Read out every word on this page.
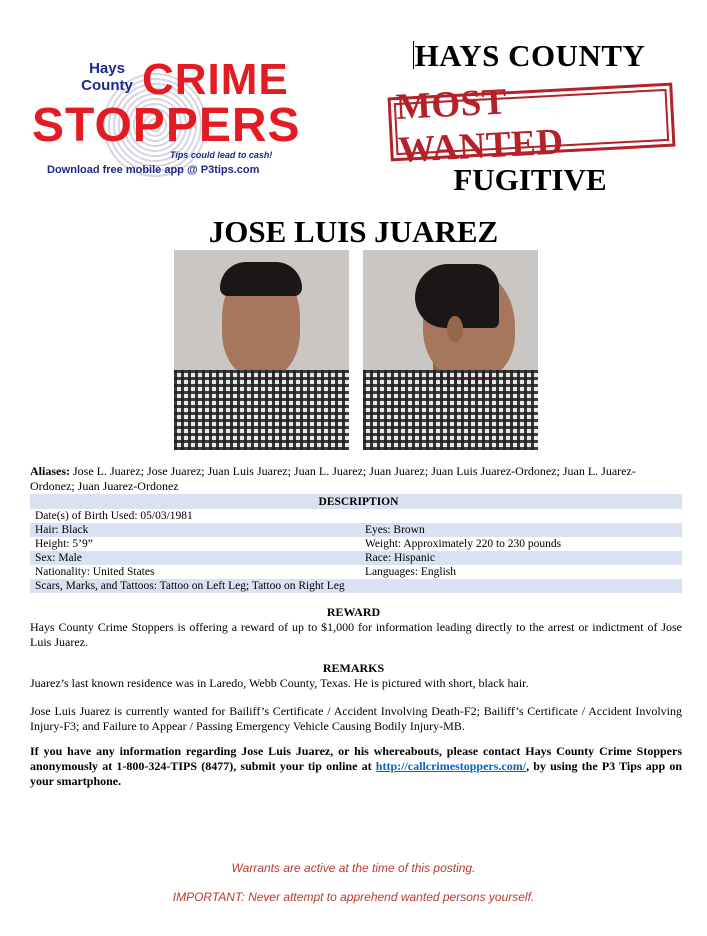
Hays County CRIME
STOPPERS
Tips could lead to cash!
Download free mobile app @ P3tips.com
HAYS COUNTY
MOST WANTED
FUGITIVE
JOSE LUIS JUAREZ
Aliases: Jose L. Juarez; Jose Juarez; Juan Luis Juarez; Juan L. Juarez; Juan Juarez; Juan Luis Juarez-Ordonez; Juan L. Juarez-Ordonez; Juan Juarez-Ordonez
DESCRIPTION	
Date(s) of Birth Used: 05/03/1981	
Hair: Black	Eyes: Brown
Height: 5’9”	Weight: Approximately 220 to 230 pounds
Sex: Male	Race: Hispanic
Nationality: United States	Languages: English
Scars, Marks, and Tattoos: Tattoo on Left Leg; Tattoo on Right Leg	
REWARD
Hays County Crime Stoppers is offering a reward of up to $1,000 for information leading directly to the arrest or indictment of Jose Luis Juarez.
REMARKS
Juarez’s last known residence was in Laredo, Webb County, Texas. He is pictured with short, black hair.
Jose Luis Juarez is currently wanted for Bailiff’s Certificate / Accident Involving Death-F2; Bailiff’s Certificate / Accident Involving Injury-F3; and Failure to Appear / Passing Emergency Vehicle Causing Bodily Injury-MB.
If you have any information regarding Jose Luis Juarez, or his whereabouts, please contact Hays County Crime Stoppers anonymously at 1-800-324-TIPS (8477), submit your tip online at http://callcrimestoppers.com/, by using the P3 Tips app on your smartphone.
Warrants are active at the time of this posting.
IMPORTANT: Never attempt to apprehend wanted persons yourself.
